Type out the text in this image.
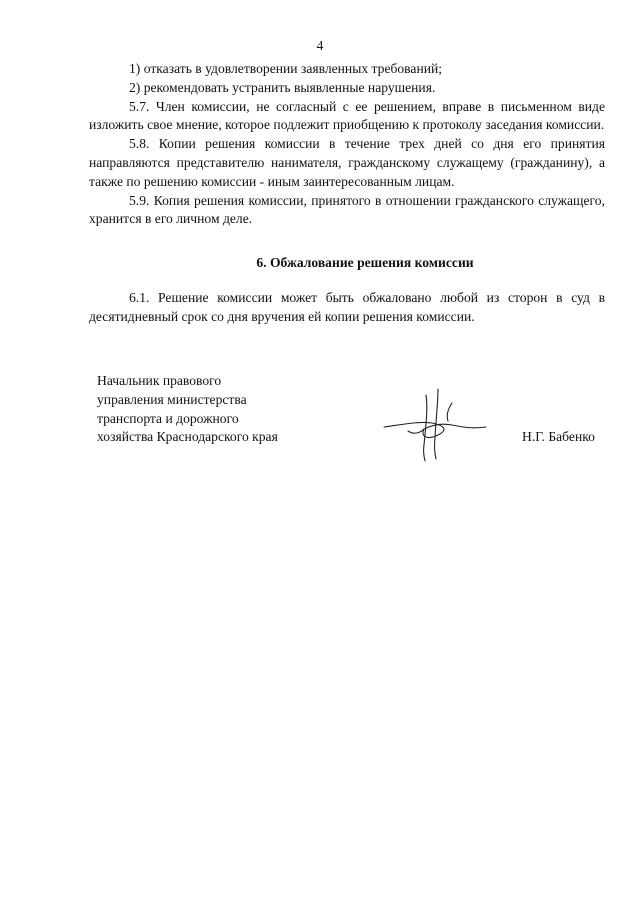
4

1) отказать в удовлетворении заявленных требований;

2) рекомендовать устранить выявленные нарушения.

5.7. Член комиссии, не согласный с ее решением, вправе в письменном виде изложить свое мнение, которое подлежит приобщению к протоколу заседания комиссии.

5.8. Копии решения комиссии в течение трех дней со дня его принятия направляются представителю нанимателя, гражданскому служащему (гражданину), а также по решению комиссии - иным заинтересованным лицам.

5.9. Копия решения комиссии, принятого в отношении гражданского служащего, хранится в его личном деле.

6. Обжалование решения комиссии

6.1. Решение комиссии может быть обжаловано любой из сторон в суд в десятидневный срок со дня вручения ей копии решения комиссии.

Начальник правового
управления министерства
транспорта и дорожного
хозяйства Краснодарского края	Н.Г. Бабенко
